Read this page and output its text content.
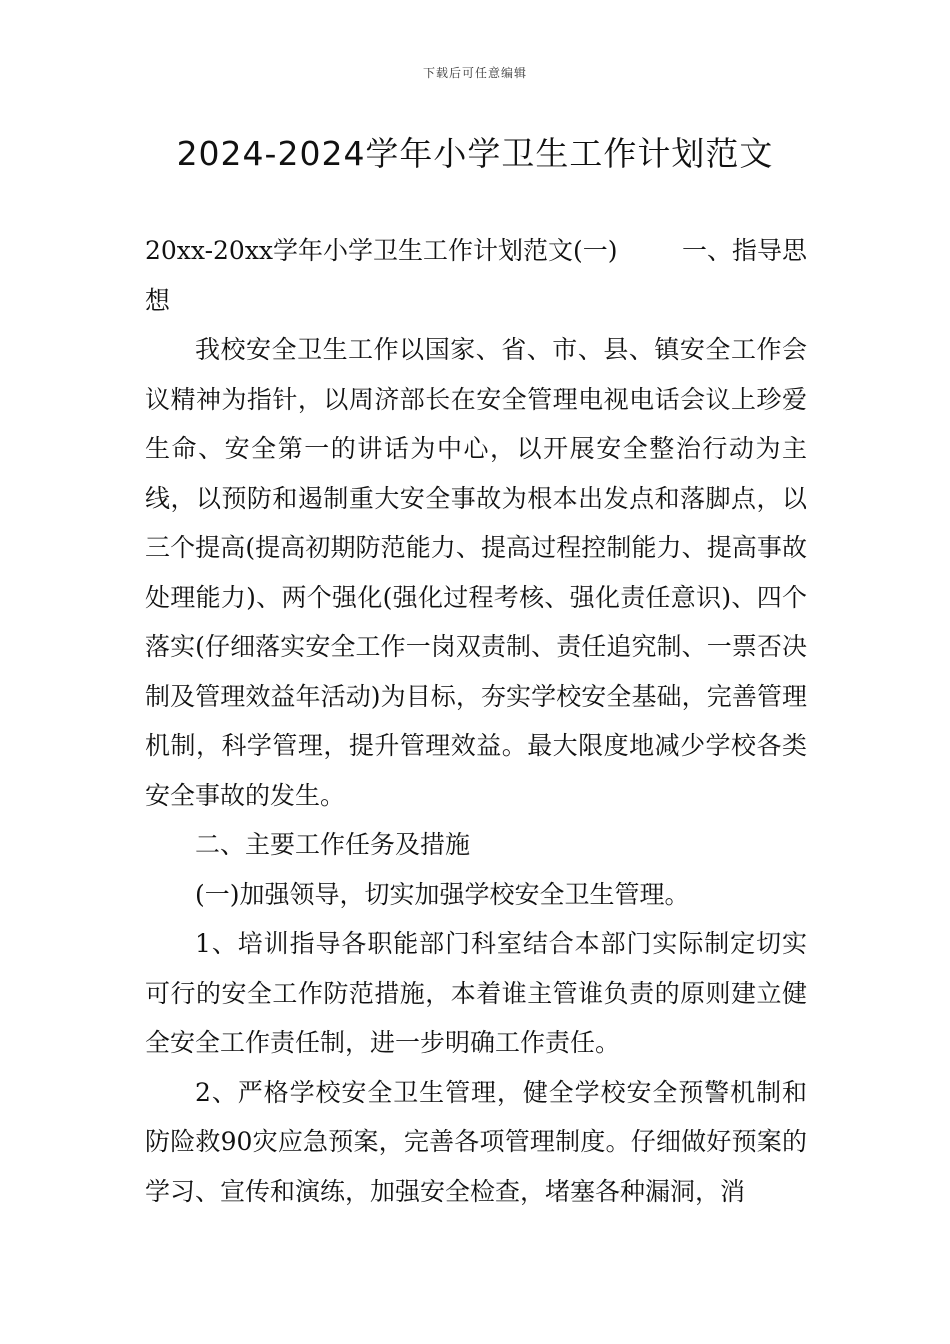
下载后可任意编辑
2024-2024学年小学卫生工作计划范文
20xx-20xx学年小学卫生工作计划范文(一)	一、指导思

想

我校安全卫生工作以国家、省、市、县、镇安全工作会议精神为指针，以周济部长在安全管理电视电话会议上珍爱生命、安全第一的讲话为中心，以开展安全整治行动为主线，以预防和遏制重大安全事故为根本出发点和落脚点，以三个提高(提高初期防范能力、提高过程控制能力、提高事故处理能力)、两个强化(强化过程考核、强化责任意识)、四个落实(仔细落实安全工作一岗双责制、责任追究制、一票否决制及管理效益年活动)为目标，夯实学校安全基础，完善管理机制，科学管理，提升管理效益。最大限度地减少学校各类安全事故的发生。

二、主要工作任务及措施

(一)加强领导，切实加强学校安全卫生管理。

1、培训指导各职能部门科室结合本部门实际制定切实可行的安全工作防范措施，本着谁主管谁负责的原则建立健全安全工作责任制，进一步明确工作责任。

2、严格学校安全卫生管理，健全学校安全预警机制和防险救90灾应急预案，完善各项管理制度。仔细做好预案的学习、宣传和演练，加强安全检查，堵塞各种漏洞，消
